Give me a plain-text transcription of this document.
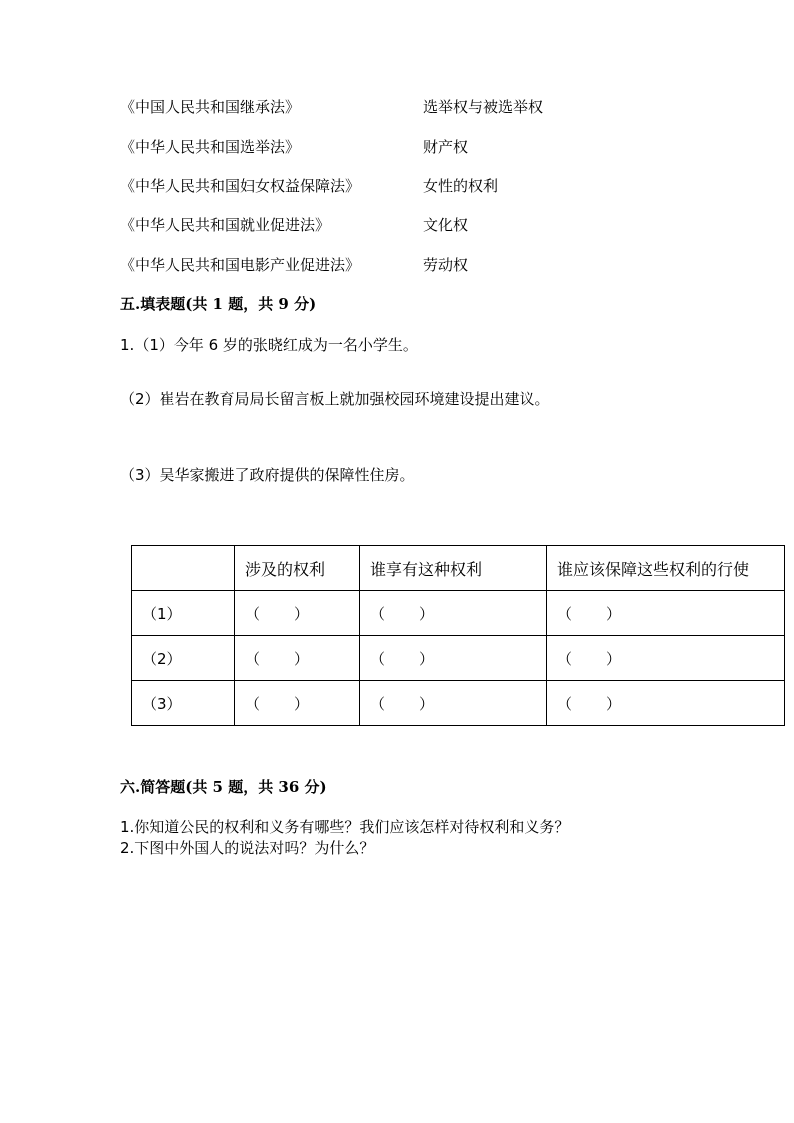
《中国人民共和国继承法》	选举权与被选举权
《中华人民共和国选举法》	财产权
《中华人民共和国妇女权益保障法》	女性的权利
《中华人民共和国就业促进法》	文化权
《中华人民共和国电影产业促进法》	劳动权
五.填表题(共 1 题，共 9 分)
1.（1）今年 6 岁的张晓红成为一名小学生。
（2）崔岩在教育局局长留言板上就加强校园环境建设提出建议。
（3）吴华家搬进了政府提供的保障性住房。
	涉及的权利	谁享有这种权利	谁应该保障这些权利的行使
（1）	（ ）	（ ）	（ ）

（2）	（ ）	（ ）	（ ）

（3）	（ ）	（ ）	（ ）
六.简答题(共 5 题，共 36 分)
1.你知道公民的权利和义务有哪些？我们应该怎样对待权利和义务？
2.下图中外国人的说法对吗？为什么？
